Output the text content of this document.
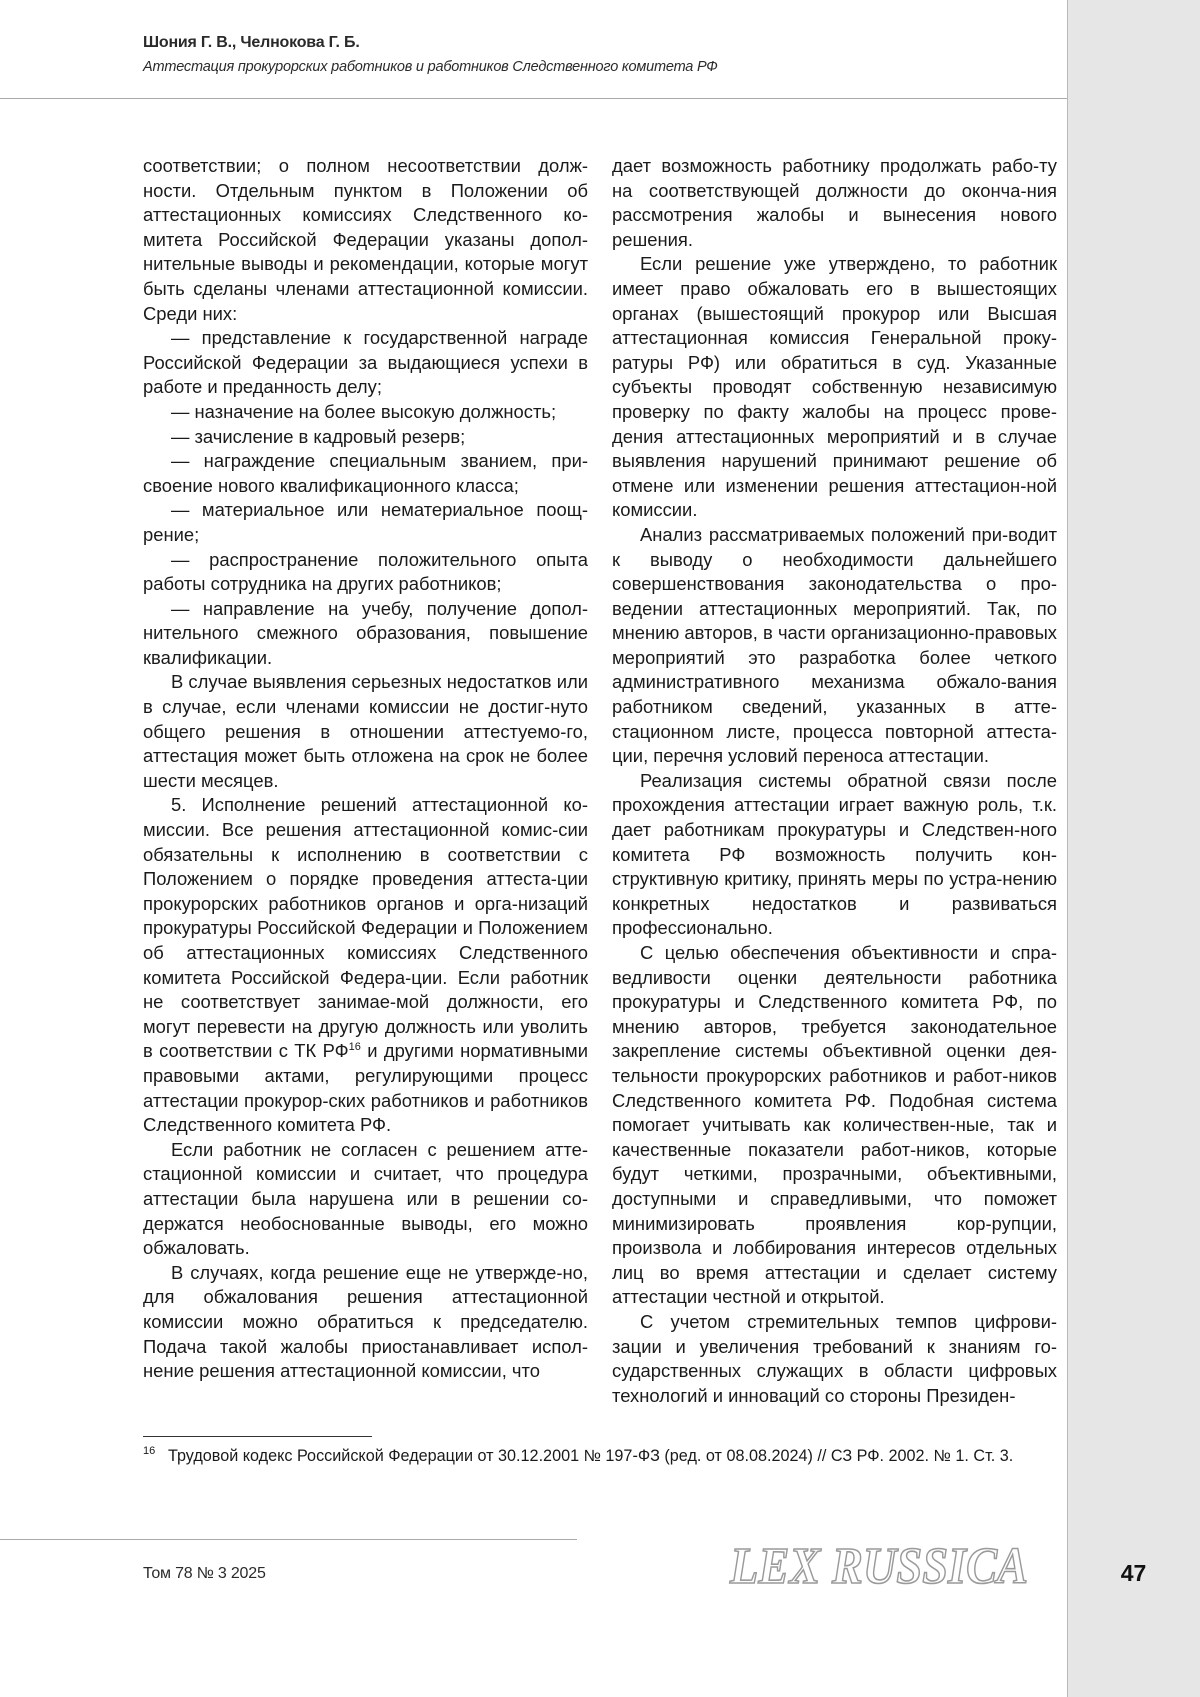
Шония Г. В., Челнокова Г. Б.
Аттестация прокурорских работников и работников Следственного комитета РФ

соответствии; о полном несоответствии долж-ности. Отдельным пунктом в Положении об аттестационных комиссиях Следственного ко-митета Российской Федерации указаны допол-нительные выводы и рекомендации, которые могут быть сделаны членами аттестационной комиссии. Среди них:

— представление к государственной награде Российской Федерации за выдающиеся успехи в работе и преданность делу;

— назначение на более высокую должность;

— зачисление в кадровый резерв;

— награждение специальным званием, при-своение нового квалификационного класса;

— материальное или нематериальное поощ-рение;

— распространение положительного опыта работы сотрудника на других работников;

— направление на учебу, получение допол-нительного смежного образования, повышение квалификации.

В случае выявления серьезных недостатков или в случае, если членами комиссии не достиг-нуто общего решения в отношении аттестуемо-го, аттестация может быть отложена на срок не более шести месяцев.

5. Исполнение решений аттестационной ко-миссии. Все решения аттестационной комис-сии обязательны к исполнению в соответствии с Положением о порядке проведения аттеста-ции прокурорских работников органов и орга-низаций прокуратуры Российской Федерации и Положением об аттестационных комиссиях Следственного комитета Российской Федера-ции. Если работник не соответствует занимае-мой должности, его могут перевести на другую должность или уволить в соответствии с ТК РФ$^{16}$ и другими нормативными правовыми актами, регулирующими процесс аттестации прокурор-ских работников и работников Следственного комитета РФ.

Если работник не согласен с решением атте-стационной комиссии и считает, что процедура аттестации была нарушена или в решении со-держатся необоснованные выводы, его можно обжаловать.

В случаях, когда решение еще не утвержде-но, для обжалования решения аттестационной комиссии можно обратиться к председателю. Подача такой жалобы приостанавливает испол-нение решения аттестационной комиссии, что

дает возможность работнику продолжать рабо-ту на соответствующей должности до оконча-ния рассмотрения жалобы и вынесения нового решения.

Если решение уже утверждено, то работник имеет право обжаловать его в вышестоящих органах (вышестоящий прокурор или Высшая аттестационная комиссия Генеральной проку-ратуры РФ) или обратиться в суд. Указанные субъекты проводят собственную независимую проверку по факту жалобы на процесс прове-дения аттестационных мероприятий и в случае выявления нарушений принимают решение об отмене или изменении решения аттестацион-ной комиссии.

Анализ рассматриваемых положений при-водит к выводу о необходимости дальнейшего совершенствования законодательства о про-ведении аттестационных мероприятий. Так, по мнению авторов, в части организационно-правовых мероприятий это разработка более четкого административного механизма обжало-вания работником сведений, указанных в атте-стационном листе, процесса повторной аттеста-ции, перечня условий переноса аттестации.

Реализация системы обратной связи после прохождения аттестации играет важную роль, т.к. дает работникам прокуратуры и Следствен-ного комитета РФ возможность получить кон-структивную критику, принять меры по устра-нению конкретных недостатков и развиваться профессионально.

С целью обеспечения объективности и спра-ведливости оценки деятельности работника прокуратуры и Следственного комитета РФ, по мнению авторов, требуется законодательное закрепление системы объективной оценки дея-тельности прокурорских работников и работ-ников Следственного комитета РФ. Подобная система помогает учитывать как количествен-ные, так и качественные показатели работ-ников, которые будут четкими, прозрачными, объективными, доступными и справедливыми, что поможет минимизировать проявления кор-рупции, произвола и лоббирования интересов отдельных лиц во время аттестации и сделает систему аттестации честной и открытой.

С учетом стремительных темпов цифрови-зации и увеличения требований к знаниям го-сударственных служащих в области цифровых технологий и инноваций со стороны Президен-

16 Трудовой кодекс Российской Федерации от 30.12.2001 № 197-ФЗ (ред. от 08.08.2024) // СЗ РФ. 2002. № 1. Ст. 3.
Том 78 № 3 2025	LEX RUSSICA	47
